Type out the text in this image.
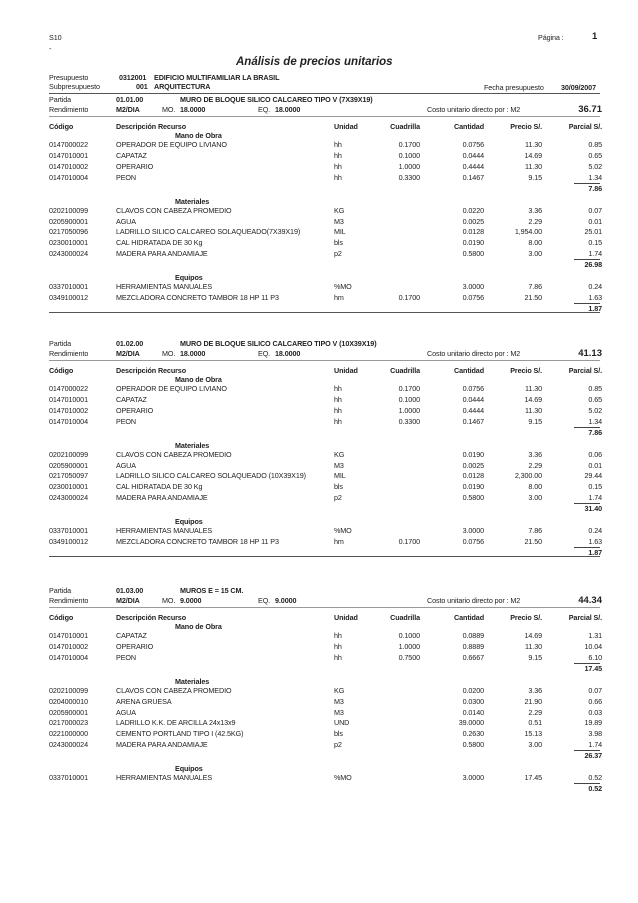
S10
-
Página :	1
Análisis de precios unitarios
Presupuesto	0312001 EDIFICIO MULTIFAMILIAR LA BRASIL
Subpresupuesto	001 ARQUITECTURA	Fecha presupuesto 30/09/2007
Partida	01.01.00	MURO DE BLOQUE SILICO CALCAREO TIPO V (7X39X19)
Rendimiento	M2/DIA	MO. 18.0000	EQ. 18.0000	Costo unitario directo por : M2	36.71
Código	Descripción Recurso	Unidad	Cuadrilla	Cantidad	Precio S/.	Parcial S/.
Mano de Obra
0147000022	OPERADOR DE EQUIPO LIVIANO	hh	0.1700	0.0756	11.30	0.85
0147010001	CAPATAZ	hh	0.1000	0.0444	14.69	0.65
0147010002	OPERARIO	hh	1.0000	0.4444	11.30	5.02
0147010004	PEON	hh	0.3300	0.1467	9.15	1.34
7.86
Materiales
0202100099	CLAVOS CON CABEZA PROMEDIO	KG	0.0220	3.36	0.07
0205900001	AGUA	M3	0.0025	2.29	0.01
0217050096	LADRILLO SILICO CALCAREO SOLAQUEADO(7X39X19)	MIL	0.0128	1,954.00	25.01
0230010001	CAL HIDRATADA DE 30 Kg	bls	0.0190	8.00	0.15
0243000024	MADERA PARA ANDAMIAJE	p2	0.5800	3.00	1.74
26.98
Equipos
0337010001	HERRAMIENTAS MANUALES	%MO	3.0000	7.86	0.24
0349100012	MEZCLADORA CONCRETO TAMBOR 18 HP 11 P3	hm	0.1700	0.0756	21.50	1.63
1.87
Partida	01.02.00	MURO DE BLOQUE SILICO CALCAREO TIPO V (10X39X19)
Rendimiento	M2/DIA	MO. 18.0000	EQ. 18.0000	Costo unitario directo por : M2	41.13
Código	Descripción Recurso	Unidad	Cuadrilla	Cantidad	Precio S/.	Parcial S/.
Mano de Obra
0147000022	OPERADOR DE EQUIPO LIVIANO	hh	0.1700	0.0756	11.30	0.85
0147010001	CAPATAZ	hh	0.1000	0.0444	14.69	0.65
0147010002	OPERARIO	hh	1.0000	0.4444	11.30	5.02
0147010004	PEON	hh	0.3300	0.1467	9.15	1.34
7.86
Materiales
0202100099	CLAVOS CON CABEZA PROMEDIO	KG	0.0190	3.36	0.06
0205900001	AGUA	M3	0.0025	2.29	0.01
0217050097	LADRILLO SILICO CALCAREO SOLAQUEADO (10X39X19)	MIL	0.0128	2,300.00	29.44
0230010001	CAL HIDRATADA DE 30 Kg	bls	0.0190	8.00	0.15
0243000024	MADERA PARA ANDAMIAJE	p2	0.5800	3.00	1.74
31.40
Equipos
0337010001	HERRAMIENTAS MANUALES	%MO	3.0000	7.86	0.24
0349100012	MEZCLADORA CONCRETO TAMBOR 18 HP 11 P3	hm	0.1700	0.0756	21.50	1.63
1.87
Partida	01.03.00	MUROS E = 15 CM.
Rendimiento	M2/DIA	MO. 9.0000	EQ. 9.0000	Costo unitario directo por : M2	44.34
Código	Descripción Recurso	Unidad	Cuadrilla	Cantidad	Precio S/.	Parcial S/.
Mano de Obra
0147010001	CAPATAZ	hh	0.1000	0.0889	14.69	1.31
0147010002	OPERARIO	hh	1.0000	0.8889	11.30	10.04
0147010004	PEON	hh	0.7500	0.6667	9.15	6.10
17.45
Materiales
0202100099	CLAVOS CON CABEZA PROMEDIO	KG	0.0200	3.36	0.07
0204000010	ARENA GRUESA	M3	0.0300	21.90	0.66
0205900001	AGUA	M3	0.0140	2.29	0.03
0217000023	LADRILLO K.K. DE ARCILLA 24x13x9	UND	39.0000	0.51	19.89
0221000000	CEMENTO PORTLAND TIPO I (42.5KG)	bls	0.2630	15.13	3.98
0243000024	MADERA PARA ANDAMIAJE	p2	0.5800	3.00	1.74
26.37
Equipos
0337010001	HERRAMIENTAS MANUALES	%MO	3.0000	17.45	0.52
0.52
